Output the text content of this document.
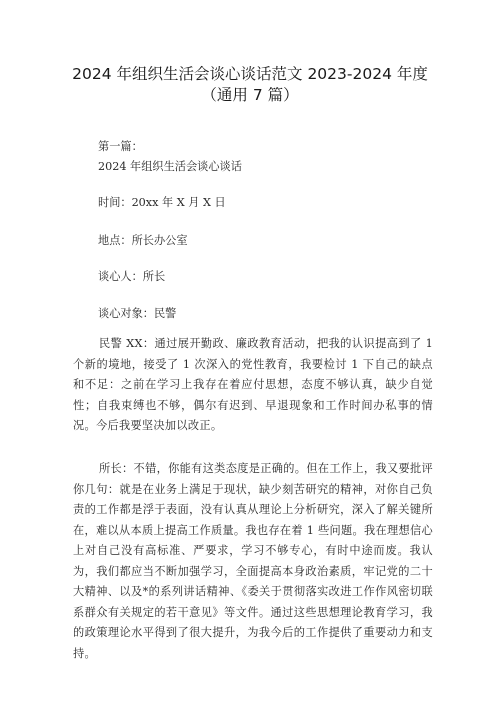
2024 年组织生活会谈心谈话范文 2023-2024 年度（通用 7 篇）
第一篇：
2024 年组织生活会谈心谈话
时间：20xx 年 X 月 X 日
地点：所长办公室
谈心人：所长
谈心对象：民警
民警 XX：通过展开勤政、廉政教育活动，把我的认识提高到了 1 个新的境地，接受了 1 次深入的党性教育，我要检讨 1 下自己的缺点和不足：之前在学习上我存在着应付思想，态度不够认真，缺少自觉性；自我束缚也不够，偶尔有迟到、早退现象和工作时间办私事的情况。今后我要坚决加以改正。
所长：不错，你能有这类态度是正确的。但在工作上，我又要批评你几句：就是在业务上满足于现状，缺少刻苦研究的精神，对你自己负责的工作都是浮于表面，没有认真从理论上分析研究，深入了解关键所在，难以从本质上提高工作质量。我也存在着 1 些问题。我在理想信心上对自己没有高标准、严要求，学习不够专心，有时中途而废。我认为，我们都应当不断加强学习，全面提高本身政治素质，牢记党的二十大精神、以及*的系列讲话精神、《委关于贯彻落实改进工作作风密切联系群众有关规定的若干意见》等文件。通过这些思想理论教育学习，我的政策理论水平得到了很大提升，为我今后的工作提供了重要动力和支持。
